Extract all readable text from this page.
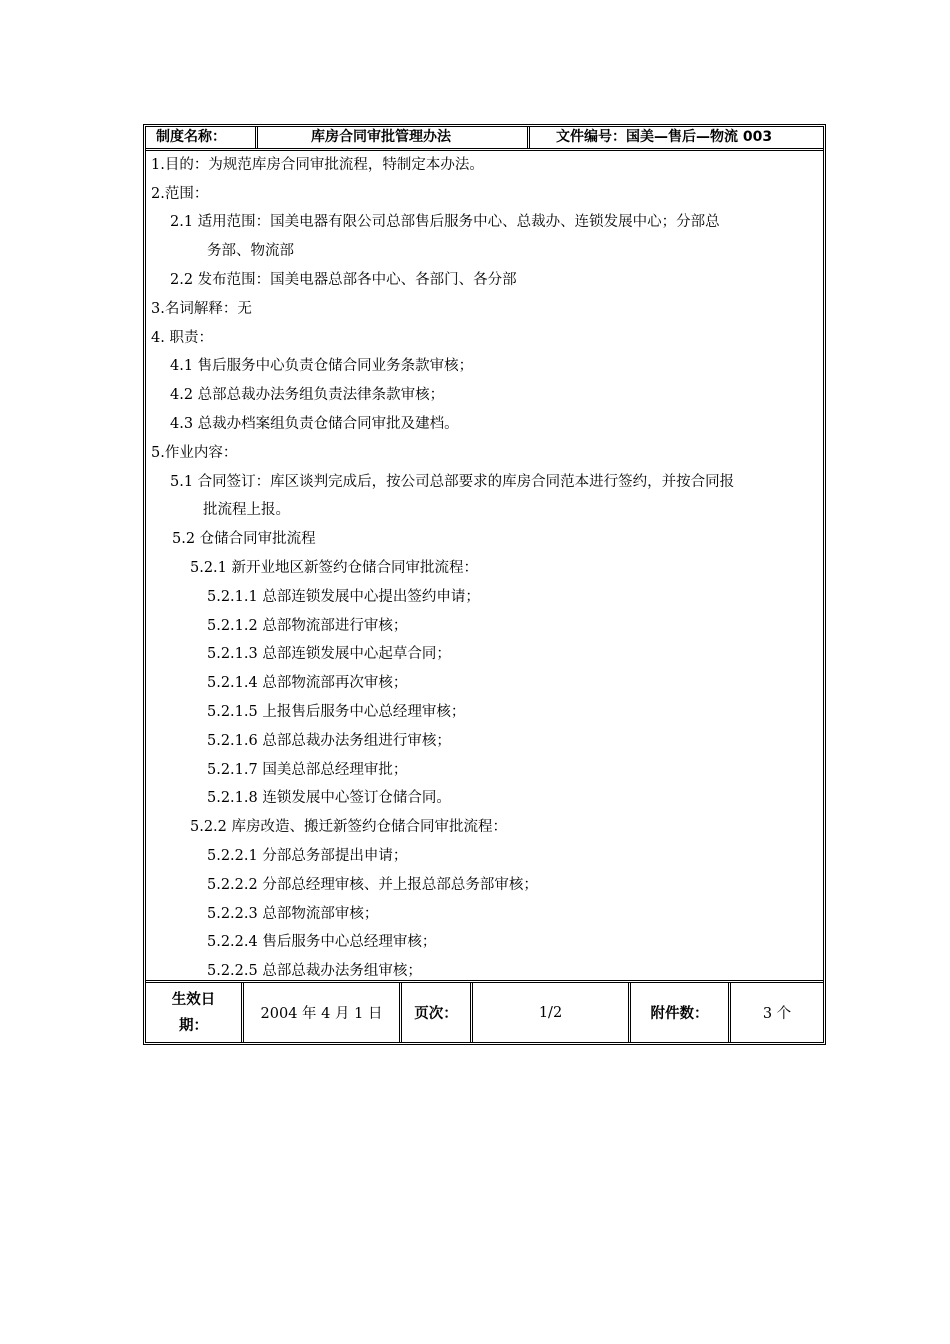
制度名称：	库房合同审批管理办法	文件编号：国美—售后—物流 003
1.目的：为规范库房合同审批流程，特制定本办法。
2.范围：
2.1 适用范围：国美电器有限公司总部售后服务中心、总裁办、连锁发展中心；分部总
务部、物流部
2.2 发布范围：国美电器总部各中心、各部门、各分部
3.名词解释：无
4. 职责：
4.1 售后服务中心负责仓储合同业务条款审核；
4.2 总部总裁办法务组负责法律条款审核；
4.3 总裁办档案组负责仓储合同审批及建档。
5.作业内容：
5.1 合同签订：库区谈判完成后，按公司总部要求的库房合同范本进行签约，并按合同报
批流程上报。
5.2 仓储合同审批流程
5.2.1 新开业地区新签约仓储合同审批流程：
5.2.1.1 总部连锁发展中心提出签约申请；
5.2.1.2 总部物流部进行审核；
5.2.1.3 总部连锁发展中心起草合同；
5.2.1.4 总部物流部再次审核；
5.2.1.5 上报售后服务中心总经理审核；
5.2.1.6 总部总裁办法务组进行审核；
5.2.1.7 国美总部总经理审批；
5.2.1.8 连锁发展中心签订仓储合同。
5.2.2 库房改造、搬迁新签约仓储合同审批流程：
5.2.2.1 分部总务部提出申请；
5.2.2.2 分部总经理审核、并上报总部总务部审核；
5.2.2.3 总部物流部审核；
5.2.2.4 售后服务中心总经理审核；
5.2.2.5 总部总裁办法务组审核；
生效日
期：
2004 年 4 月 1 日	页次：	1/2	附件数：	3 个
